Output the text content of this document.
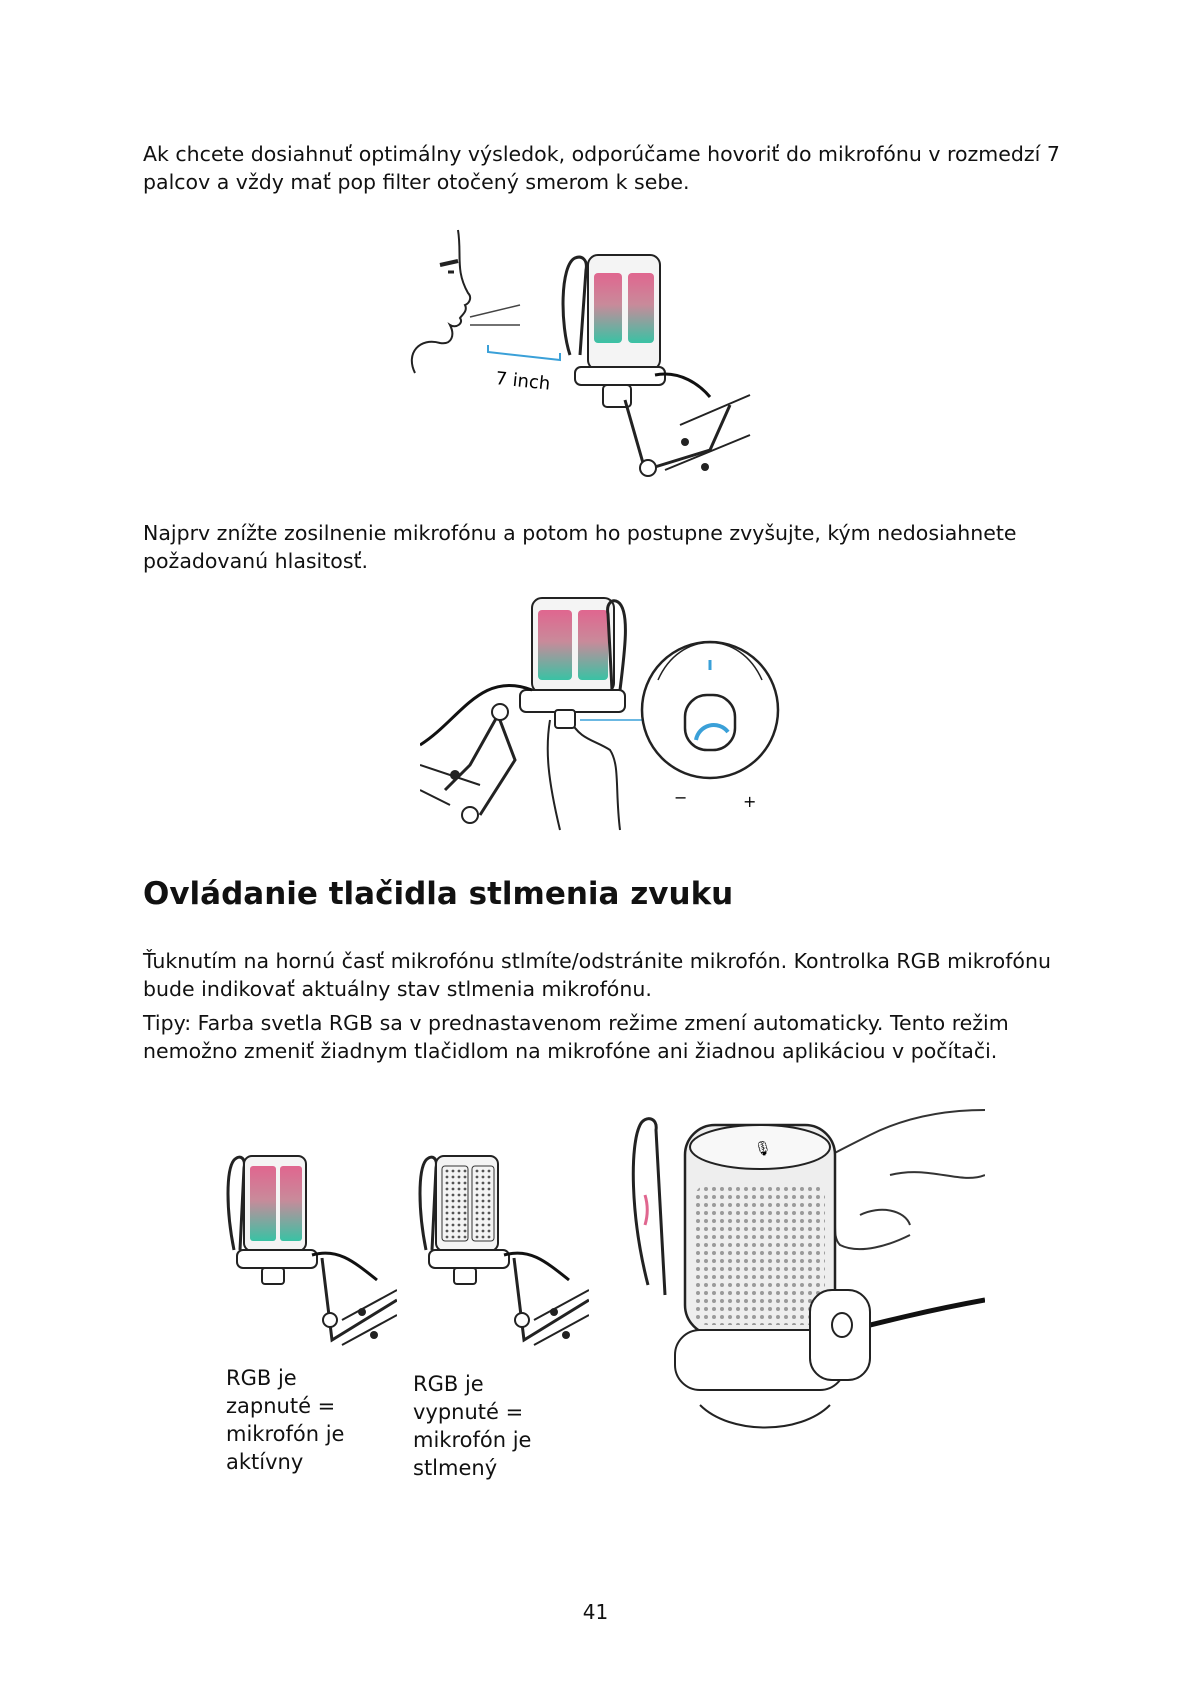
Ak chcete dosiahnuť optimálny výsledok, odporúčame hovoriť do mikrofónu v rozmedzí 7 palcov a vždy mať pop filter otočený smerom k sebe.

7 inch

Najprv znížte zosilnenie mikrofónu a potom ho postupne zvyšujte, kým nedosiahnete požadovanú hlasitosť.

−	+
Ovládanie tlačidla stlmenia zvuku

Ťuknutím na hornú časť mikrofónu stlmíte/odstránite mikrofón. Kontrolka RGB mikrofónu bude indikovať aktuálny stav stlmenia mikrofónu.

Tipy: Farba svetla RGB sa v prednastavenom režime zmení automaticky. Tento režim nemožno zmeniť žiadnym tlačidlom na mikrofóne ani žiadnou aplikáciou v počítači.

RGB je
zapnuté =
mikrofón je
aktívny
RGB je
vypnuté =
mikrofón je
stlmený
🎙
41
